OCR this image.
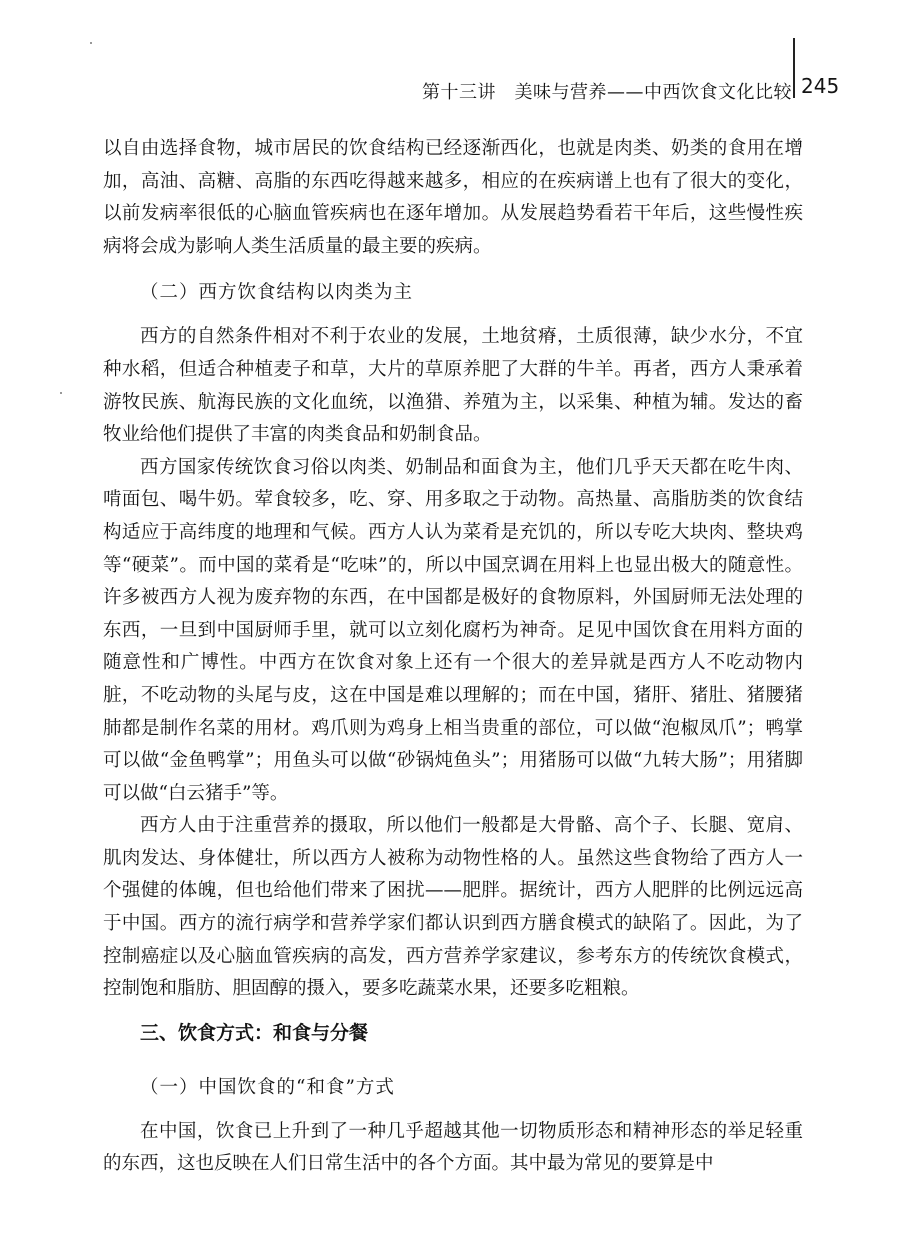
第十三讲　美味与营养——中西饮食文化比较 245

以自由选择食物，城市居民的饮食结构已经逐渐西化，也就是肉类、奶类的食用在增加，高油、高糖、高脂的东西吃得越来越多，相应的在疾病谱上也有了很大的变化，以前发病率很低的心脑血管疾病也在逐年增加。从发展趋势看若干年后，这些慢性疾病将会成为影响人类生活质量的最主要的疾病。

（二）西方饮食结构以肉类为主

西方的自然条件相对不利于农业的发展，土地贫瘠，土质很薄，缺少水分，不宜种水稻，但适合种植麦子和草，大片的草原养肥了大群的牛羊。再者，西方人秉承着游牧民族、航海民族的文化血统，以渔猎、养殖为主，以采集、种植为辅。发达的畜牧业给他们提供了丰富的肉类食品和奶制食品。

西方国家传统饮食习俗以肉类、奶制品和面食为主，他们几乎天天都在吃牛肉、啃面包、喝牛奶。荤食较多，吃、穿、用多取之于动物。高热量、高脂肪类的饮食结构适应于高纬度的地理和气候。西方人认为菜肴是充饥的，所以专吃大块肉、整块鸡等“硬菜”。而中国的菜肴是“吃味”的，所以中国烹调在用料上也显出极大的随意性。许多被西方人视为废弃物的东西，在中国都是极好的食物原料，外国厨师无法处理的东西，一旦到中国厨师手里，就可以立刻化腐朽为神奇。足见中国饮食在用料方面的随意性和广博性。中西方在饮食对象上还有一个很大的差异就是西方人不吃动物内脏，不吃动物的头尾与皮，这在中国是难以理解的；而在中国，猪肝、猪肚、猪腰猪肺都是制作名菜的用材。鸡爪则为鸡身上相当贵重的部位，可以做“泡椒凤爪”；鸭掌可以做“金鱼鸭掌”；用鱼头可以做“砂锅炖鱼头”；用猪肠可以做“九转大肠”；用猪脚可以做“白云猪手”等。

西方人由于注重营养的摄取，所以他们一般都是大骨骼、高个子、长腿、宽肩、肌肉发达、身体健壮，所以西方人被称为动物性格的人。虽然这些食物给了西方人一个强健的体魄，但也给他们带来了困扰——肥胖。据统计，西方人肥胖的比例远远高于中国。西方的流行病学和营养学家们都认识到西方膳食模式的缺陷了。因此，为了控制癌症以及心脑血管疾病的高发，西方营养学家建议，参考东方的传统饮食模式，控制饱和脂肪、胆固醇的摄入，要多吃蔬菜水果，还要多吃粗粮。

三、饮食方式：和食与分餐
（一）中国饮食的“和食”方式

在中国，饮食已上升到了一种几乎超越其他一切物质形态和精神形态的举足轻重的东西，这也反映在人们日常生活中的各个方面。其中最为常见的要算是中
